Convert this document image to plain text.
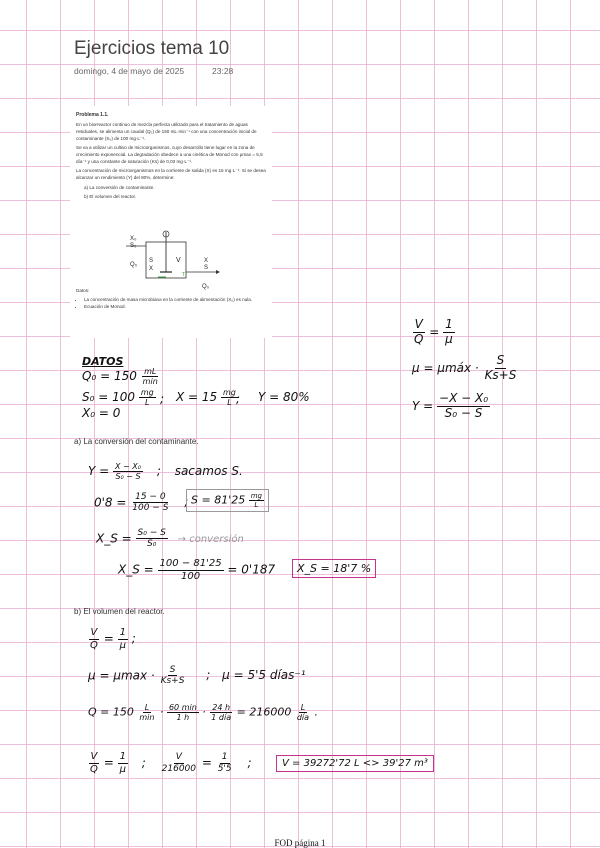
Ejercicios tema 10
domingo, 4 de mayo de 2025	23:28

Problema 1.1.

En un biorreactor continuo de mezcla perfecta utilizado para el tratamiento de aguas residuales, se alimenta un caudal (Q₀) de 150 mL·min⁻¹ con una concentración inicial de contaminante (S₀) de 100 mg·L⁻¹.

Se va a utilizar un cultivo de microorganismos, cuyo desarrollo tiene lugar en la zona de crecimiento exponencial. La degradación obedece a una cinética de Monod con μmax = 5,5 día⁻¹ y una constante de saturación (Ks) de 0,03 mg·L⁻¹.

La concentración de microorganismos en la corriente de salida (X) es 15 mg·L⁻¹. Si se desea alcanzar un rendimiento (Y) del 80%, determine:

a) La conversión de contaminante.

b) El volumen del reactor.

Datos:

• La concentración de masa microbiana en la corriente de alimentación (X₀) es nula.
• Ecuación de Monod.
X₀
S₀
Q₀
S
X
V
T
X
S
Q₀
$\frac{V}{Q} = \frac{1}{\mu}$
μ = μmáx · $\frac{S}{Ks+S}$
$Y = \frac{\text{−X − X₀}}{\text{S₀ − S}}$
DATOS
$Q_0 = 150 \frac{mL}{\min}$
$S_0 = 100 \frac{mg}{L}$ ; $X = 15 \frac{mg}{L}$
; Y = 80%
X₀ = 0
a) La conversión del contaminante.
$Y = \frac{\text{X − X₀}}{\text{S₀ − S}}$ ; sacamos S.
$0'8 = \frac{15 - 0}{100 - S}$ ; $S = 81'25 \frac{mg}{L}$
X_S = $\frac{\text{S₀ − S}}{\text{S₀}}$ → conversión
X_S = $\frac{100 - 81'25}{100} = 0'187$	X_S = 18'7 %
b) El volumen del reactor.
$\frac{V}{Q} = \frac{1}{\mu}$ ;
$\mu = \mu\max \cdot \frac{S}{Ks+S}$ ; μ = 5'5 días⁻¹
$Q = 150 \frac{L}{\min} \cdot \frac{60 \min}{1 h} \cdot \frac{24 h}{\text{1 día}} = 216000 \frac{L}{\text{día}}$ .
$\frac{V}{Q} = \frac{1}{\mu}$ ; $\frac{V}{216000} = \frac{1}{5'5}$ ;	V = 39272'72 L <> 39'27 m³
FOD página 1
